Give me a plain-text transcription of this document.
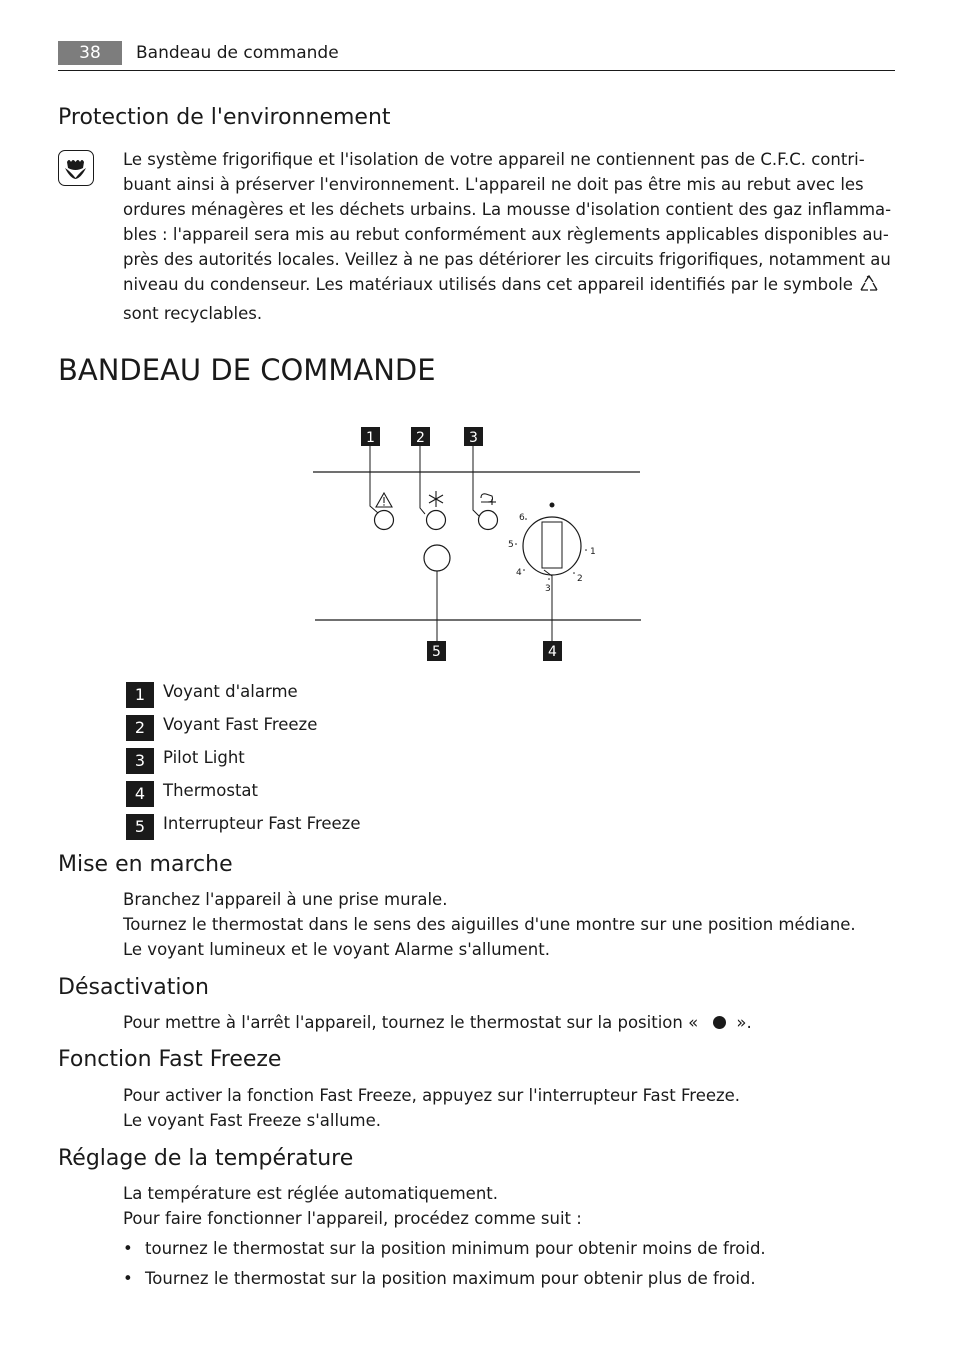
38	Bandeau de commande
Protection de l'environnement
Le système frigorifique et l'isolation de votre appareil ne contiennent pas de C.F.C. contri-
buant ainsi à préserver l'environnement. L'appareil ne doit pas être mis au rebut avec les
ordures ménagères et les déchets urbains. La mousse d'isolation contient des gaz inflamma-
bles : l'appareil sera mis au rebut conformément aux règlements applicables disponibles au-
près des autorités locales. Veillez à ne pas détériorer les circuits frigorifiques, notamment au
niveau du condenseur. Les matériaux utilisés dans cet appareil identifiés par le symbole
sont recyclables.
BANDEAU DE COMMANDE
1	2	3
6
5
4
3
2
1
5	4
1	Voyant d'alarme
2	Voyant Fast Freeze
3	Pilot Light
4	Thermostat
5	Interrupteur Fast Freeze
Mise en marche
Branchez l'appareil à une prise murale.
Tournez le thermostat dans le sens des aiguilles d'une montre sur une position médiane.
Le voyant lumineux et le voyant Alarme s'allument.
Désactivation
Pour mettre à l'arrêt l'appareil, tournez le thermostat sur la position « ».
Fonction Fast Freeze
Pour activer la fonction Fast Freeze, appuyez sur l'interrupteur Fast Freeze.
Le voyant Fast Freeze s'allume.
Réglage de la température
La température est réglée automatiquement.
Pour faire fonctionner l'appareil, procédez comme suit :
• tournez le thermostat sur la position minimum pour obtenir moins de froid.
• Tournez le thermostat sur la position maximum pour obtenir plus de froid.
